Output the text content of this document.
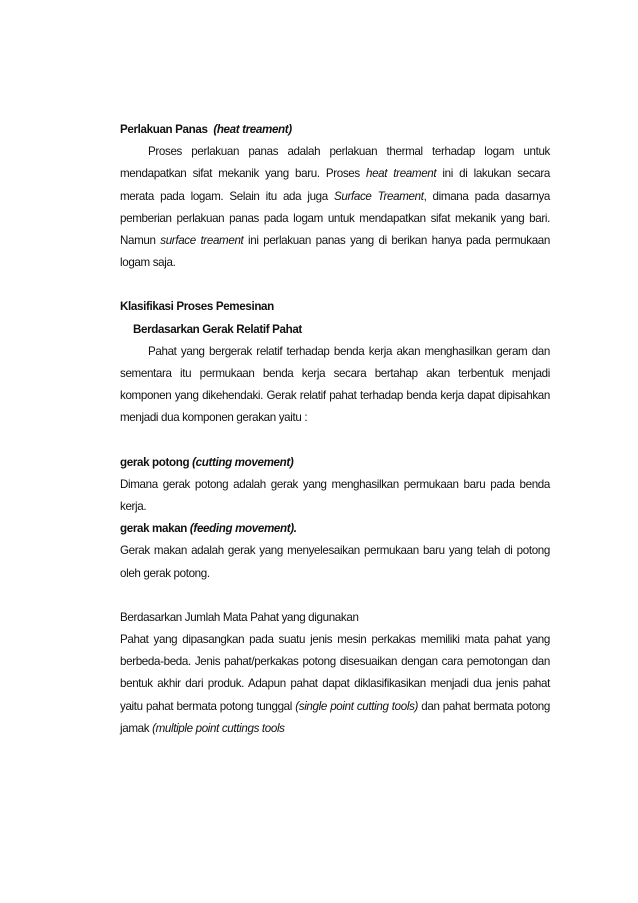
Perlakuan Panas (heat treament)

Proses perlakuan panas adalah perlakuan thermal terhadap logam untuk mendapatkan sifat mekanik yang baru. Proses heat treament ini di lakukan secara merata pada logam. Selain itu ada juga Surface Treament, dimana pada dasarnya pemberian perlakuan panas pada logam untuk mendapatkan sifat mekanik yang bari. Namun surface treament ini perlakuan panas yang di berikan hanya pada permukaan logam saja.

Klasifikasi Proses Pemesinan

Berdasarkan Gerak Relatif Pahat

Pahat yang bergerak relatif terhadap benda kerja akan menghasilkan geram dan sementara itu permukaan benda kerja secara bertahap akan terbentuk menjadi komponen yang dikehendaki. Gerak relatif pahat terhadap benda kerja dapat dipisahkan menjadi dua komponen gerakan yaitu :

gerak potong (cutting movement)

Dimana gerak potong adalah gerak yang menghasilkan permukaan baru pada benda kerja.

gerak makan (feeding movement).

Gerak makan adalah gerak yang menyelesaikan permukaan baru yang telah di potong oleh gerak potong.

Berdasarkan Jumlah Mata Pahat yang digunakan

Pahat yang dipasangkan pada suatu jenis mesin perkakas memiliki mata pahat yang berbeda-beda. Jenis pahat/perkakas potong disesuaikan dengan cara pemotongan dan bentuk akhir dari produk. Adapun pahat dapat diklasifikasikan menjadi dua jenis pahat yaitu pahat bermata potong tunggal (single point cutting tools) dan pahat bermata potong jamak (multiple point cuttings tools
